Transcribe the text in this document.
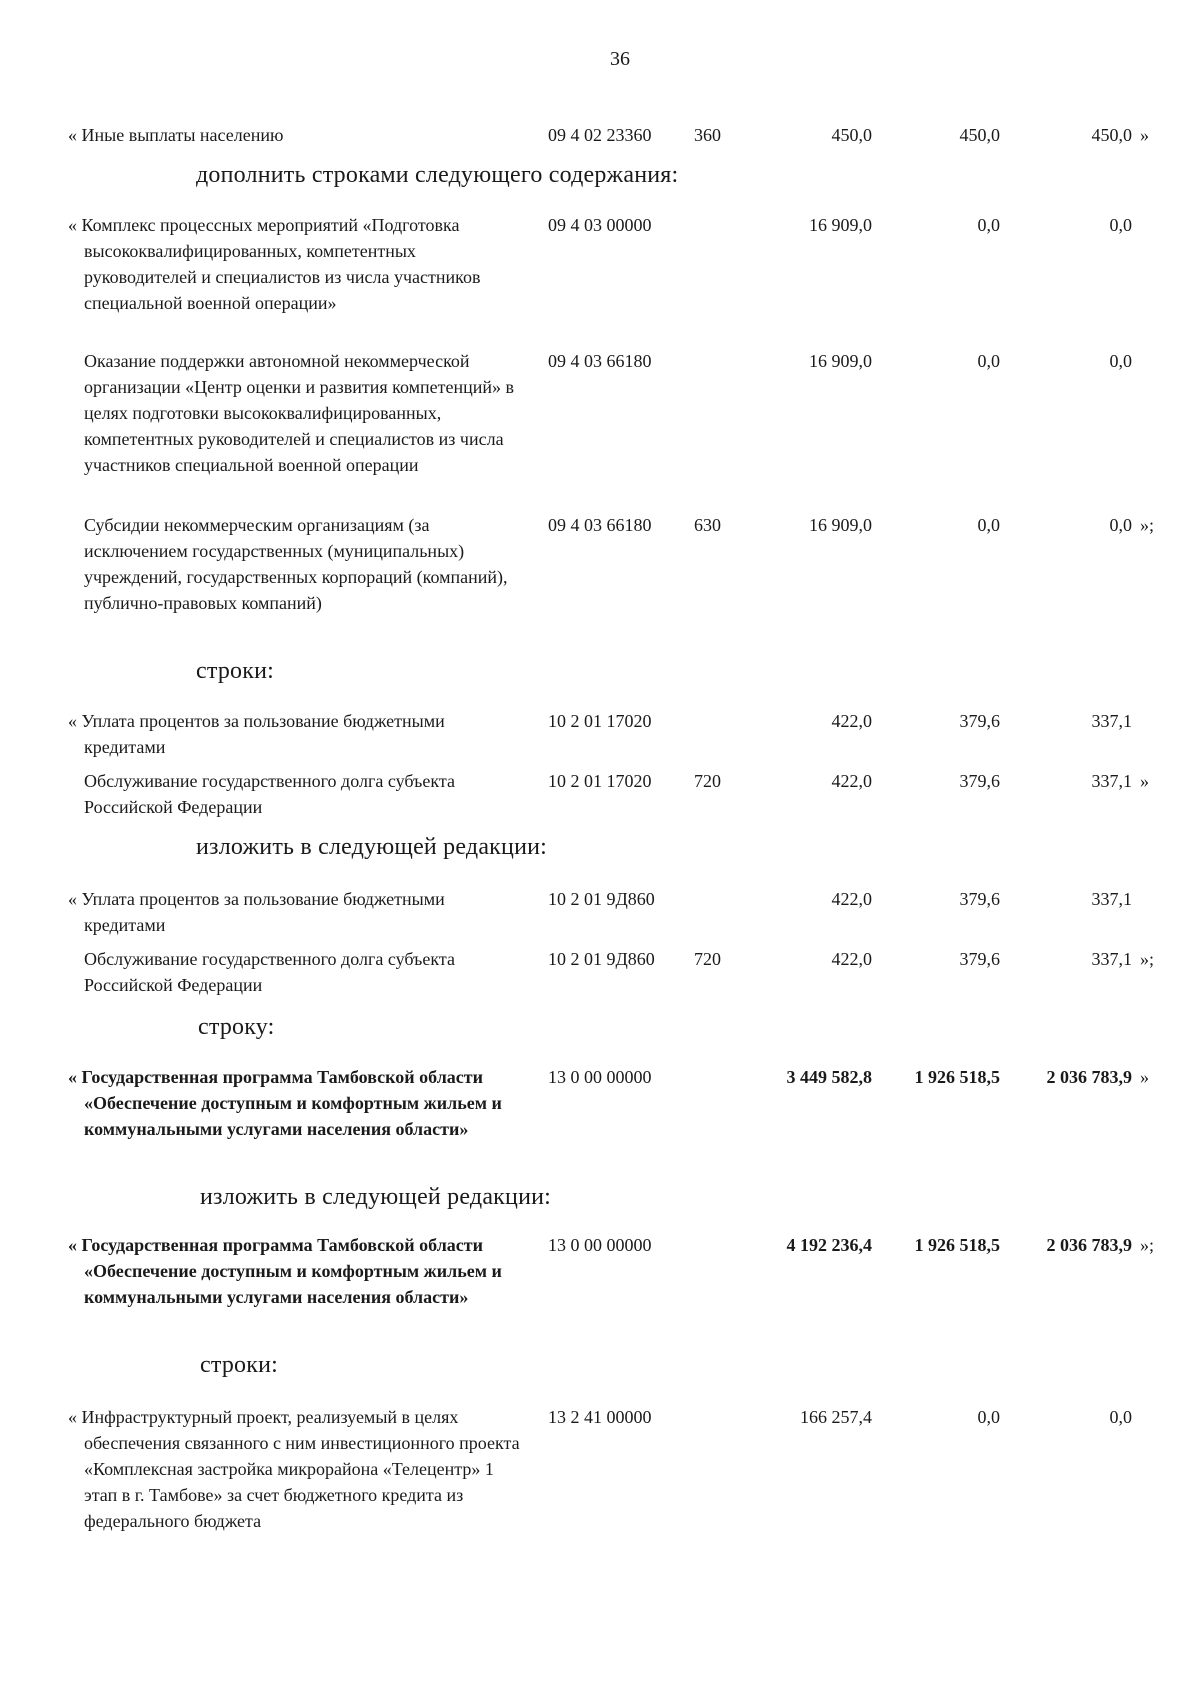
36
« Иные выплаты населению	09 4 02 23360	360	450,0	450,0	450,0 »
дополнить строками следующего содержания:
« Комплекс процессных мероприятий «Подготовка высококвалифицированных, компетентных руководителей и специалистов из числа участников специальной военной операции»
09 4 03 00000	16 909,0	0,0	0,0
Оказание поддержки автономной некоммерческой организации «Центр оценки и развития компетенций» в целях подготовки высококвалифицированных, компетентных руководителей и специалистов из числа участников специальной военной операции
09 4 03 66180	16 909,0	0,0	0,0
Субсидии некоммерческим организациям (за исключением государственных (муниципальных) учреждений, государственных корпораций (компаний), публично-правовых компаний)
09 4 03 66180	630	16 909,0	0,0	0,0 »;
строки:
« Уплата процентов за пользование бюджетными кредитами
10 2 01 17020	422,0	379,6	337,1
Обслуживание государственного долга субъекта Российской Федерации
10 2 01 17020	720	422,0	379,6	337,1 »
изложить в следующей редакции:
« Уплата процентов за пользование бюджетными кредитами
10 2 01 9Д860	422,0	379,6	337,1
Обслуживание государственного долга субъекта Российской Федерации
10 2 01 9Д860	720	422,0	379,6	337,1 »;
строку:
« Государственная программа Тамбовской области «Обеспечение доступным и комфортным жильем и коммунальными услугами населения области»
13 0 00 00000	3 449 582,8	1 926 518,5	2 036 783,9 »
изложить в следующей редакции:
« Государственная программа Тамбовской области «Обеспечение доступным и комфортным жильем и коммунальными услугами населения области»
13 0 00 00000	4 192 236,4	1 926 518,5	2 036 783,9 »;
строки:
« Инфраструктурный проект, реализуемый в целях обеспечения связанного с ним инвестиционного проекта «Комплексная застройка микрорайона «Телецентр» 1 этап в г. Тамбове» за счет бюджетного кредита из федерального бюджета
13 2 41 00000	166 257,4	0,0	0,0
